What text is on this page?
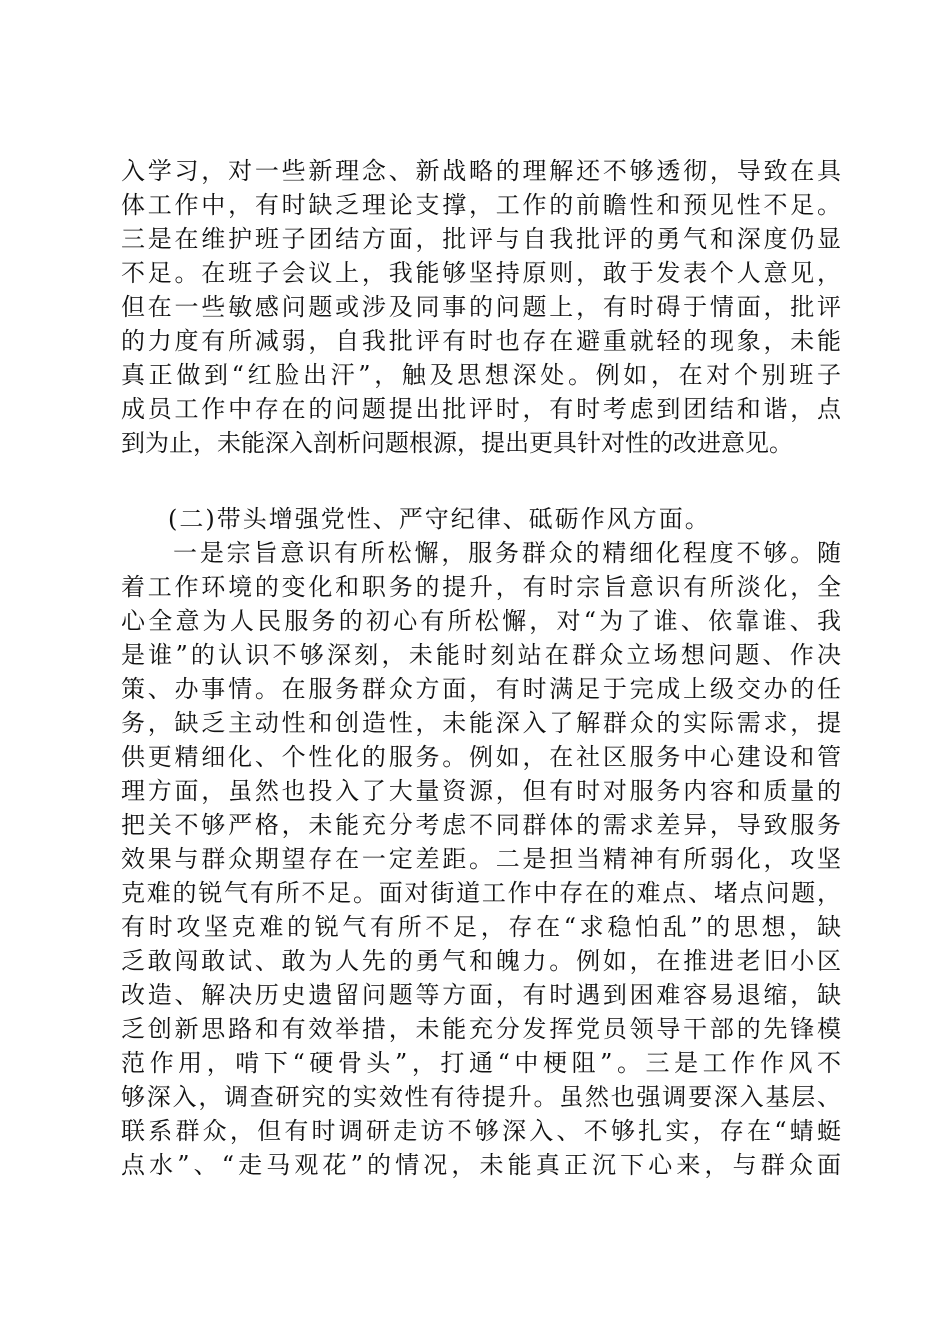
入学习，对一些新理念、新战略的理解还不够透彻，导致在具
体工作中，有时缺乏理论支撑，工作的前瞻性和预见性不足。
三是在维护班子团结方面，批评与自我批评的勇气和深度仍显
不足。在班子会议上，我能够坚持原则，敢于发表个人意见，
但在一些敏感问题或涉及同事的问题上，有时碍于情面，批评
的力度有所减弱，自我批评有时也存在避重就轻的现象，未能
真正做到“红脸出汗”，触及思想深处。例如，在对个别班子
成员工作中存在的问题提出批评时，有时考虑到团结和谐，点
到为止，未能深入剖析问题根源，提出更具针对性的改进意见。
(二)带头增强党性、严守纪律、砥砺作风方面。
一是宗旨意识有所松懈，服务群众的精细化程度不够。随
着工作环境的变化和职务的提升，有时宗旨意识有所淡化，全
心全意为人民服务的初心有所松懈，对“为了谁、依靠谁、我
是谁”的认识不够深刻，未能时刻站在群众立场想问题、作决
策、办事情。在服务群众方面，有时满足于完成上级交办的任
务，缺乏主动性和创造性，未能深入了解群众的实际需求，提
供更精细化、个性化的服务。例如，在社区服务中心建设和管
理方面，虽然也投入了大量资源，但有时对服务内容和质量的
把关不够严格，未能充分考虑不同群体的需求差异，导致服务
效果与群众期望存在一定差距。二是担当精神有所弱化，攻坚
克难的锐气有所不足。面对街道工作中存在的难点、堵点问题，
有时攻坚克难的锐气有所不足，存在“求稳怕乱”的思想，缺
乏敢闯敢试、敢为人先的勇气和魄力。例如，在推进老旧小区
改造、解决历史遗留问题等方面，有时遇到困难容易退缩，缺
乏创新思路和有效举措，未能充分发挥党员领导干部的先锋模
范作用，啃下“硬骨头”，打通“中梗阻”。三是工作作风不
够深入，调查研究的实效性有待提升。虽然也强调要深入基层、
联系群众，但有时调研走访不够深入、不够扎实，存在“蜻蜓
点水”、“走马观花”的情况，未能真正沉下心来，与群众面
